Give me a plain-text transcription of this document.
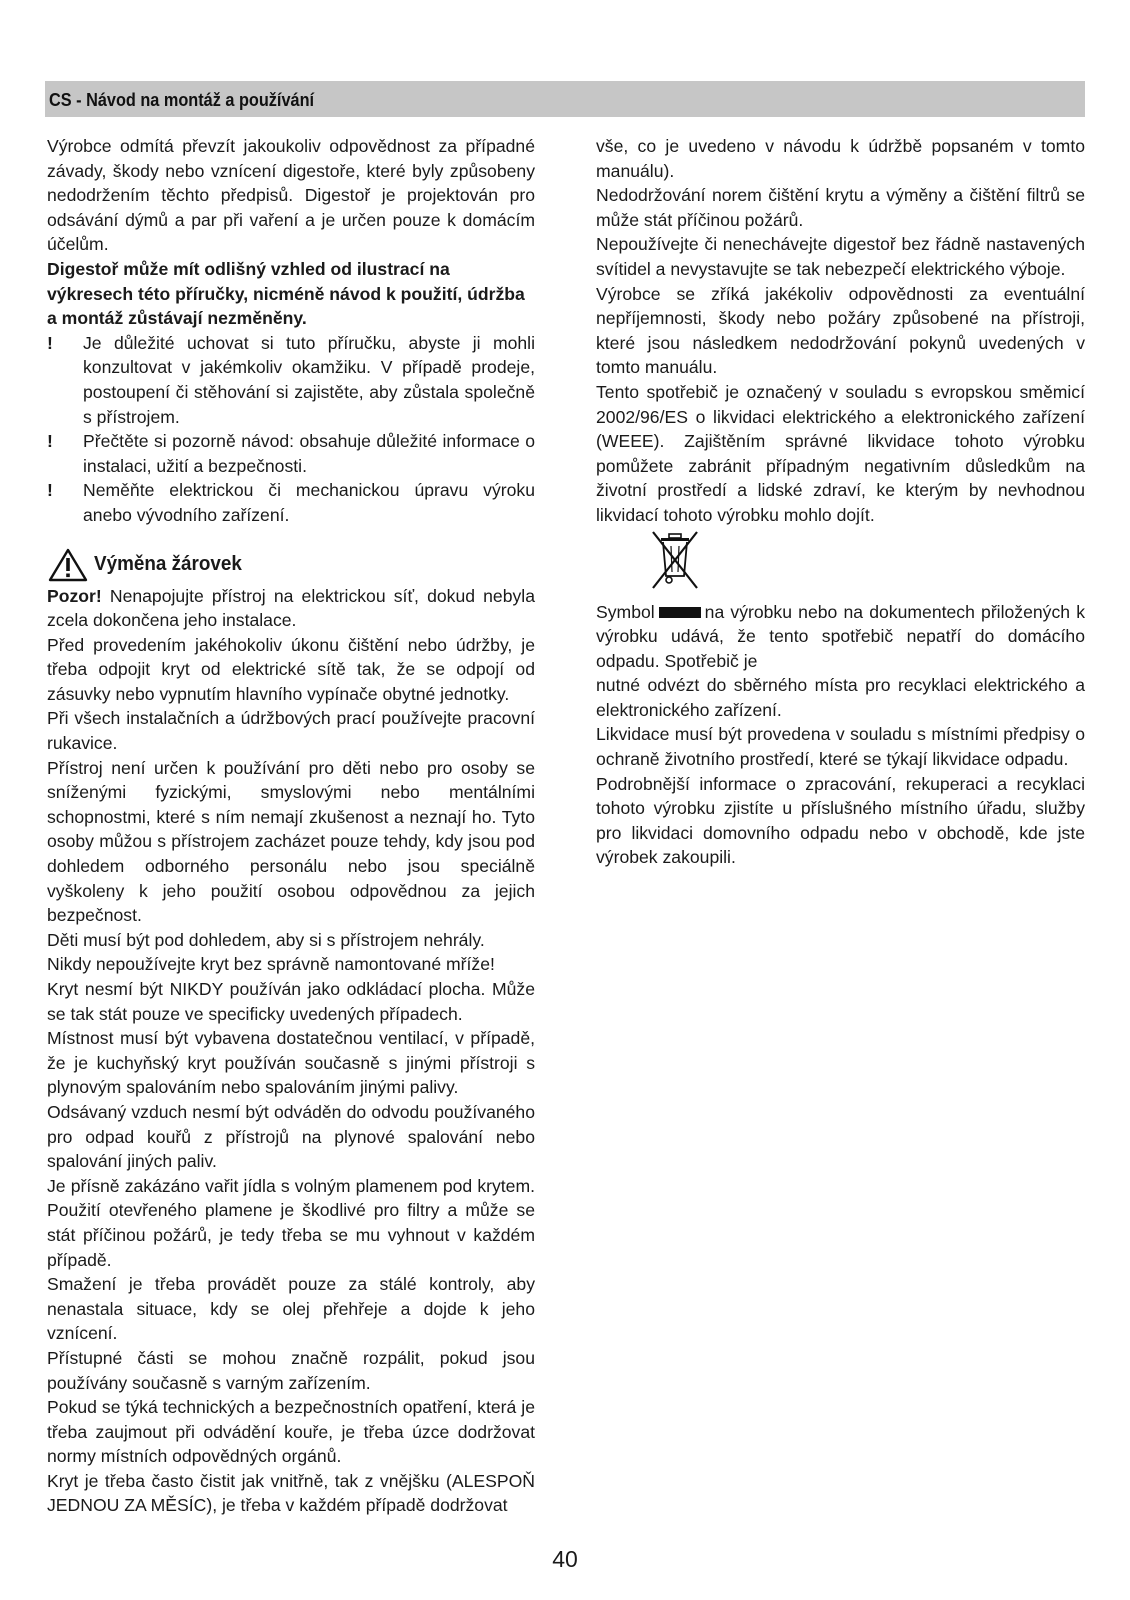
CS - Návod na montáž a používání

Výrobce odmítá převzít jakoukoliv odpovědnost za případné závady, škody nebo vznícení digestoře, které byly způsobeny nedodržením těchto předpisů. Digestoř je projektován pro odsávání dýmů a par při vaření a je určen pouze k domácím účelům.

Digestoř může mít odlišný vzhled od ilustrací na výkresech této příručky, nicméně návod k použití, údržba a montáž zůstávají nezměněny.

!	Je důležité uchovat si tuto příručku, abyste ji mohli konzultovat v jakémkoliv okamžiku. V případě prodeje, postoupení či stěhování si zajistěte, aby zůstala společně s přístrojem.
!	Přečtěte si pozorně návod: obsahuje důležité informace o instalaci, užití a bezpečnosti.
!	Neměňte elektrickou či mechanickou úpravu výroku anebo vývodního zařízení.
Výměna žárovek

Pozor! Nenapojujte přístroj na elektrickou síť, dokud nebyla zcela dokončena jeho instalace.

Před provedením jakéhokoliv úkonu čištění nebo údržby, je třeba odpojit kryt od elektrické sítě tak, že se odpojí od zásuvky nebo vypnutím hlavního vypínače obytné jednotky.

Při všech instalačních a údržbových prací používejte pracovní rukavice.

Přístroj není určen k používání pro děti nebo pro osoby se sníženými fyzickými, smyslovými nebo mentálními schopnostmi, které s ním nemají zkušenost a neznají ho. Tyto osoby můžou s přístrojem zacházet pouze tehdy, kdy jsou pod dohledem odborného personálu nebo jsou speciálně vyškoleny k jeho použití osobou odpovědnou za jejich bezpečnost.

Děti musí být pod dohledem, aby si s přístrojem nehrály.

Nikdy nepoužívejte kryt bez správně namontované mříže!

Kryt nesmí být NIKDY používán jako odkládací plocha. Může se tak stát pouze ve specificky uvedených případech.

Místnost musí být vybavena dostatečnou ventilací, v případě, že je kuchyňský kryt používán současně s jinými přístroji s plynovým spalováním nebo spalováním jinými palivy.

Odsávaný vzduch nesmí být odváděn do odvodu používaného pro odpad kouřů z přístrojů na plynové spalování nebo spalování jiných paliv.

Je přísně zakázáno vařit jídla s volným plamenem pod krytem. Použití otevřeného plamene je škodlivé pro filtry a může se stát příčinou požárů, je tedy třeba se mu vyhnout v každém případě.

Smažení je třeba provádět pouze za stálé kontroly, aby nenastala situace, kdy se olej přehřeje a dojde k jeho vznícení.

Přístupné části se mohou značně rozpálit, pokud jsou používány současně s varným zařízením.

Pokud se týká technických a bezpečnostních opatření, která je třeba zaujmout při odvádění kouře, je třeba úzce dodržovat normy místních odpovědných orgánů.

Kryt je třeba často čistit jak vnitřně, tak z vnějšku (ALESPOŇ JEDNOU ZA MĚSÍC), je třeba v každém případě dodržovat

vše, co je uvedeno v návodu k údržbě popsaném v tomto manuálu).

Nedodržování norem čištění krytu a výměny a čištění filtrů se může stát příčinou požárů.

Nepoužívejte či nenechávejte digestoř bez řádně nastavených svítidel a nevystavujte se tak nebezpečí elektrického výboje.

Výrobce se zříká jakékoliv odpovědnosti za eventuální nepříjemnosti, škody nebo požáry způsobené na přístroji, které jsou následkem nedodržování pokynů uvedených v tomto manuálu.

Tento spotřebič je označený v souladu s evropskou směmicí 2002/96/ES o likvidaci elektrického a elektronického zařízení (WEEE). Zajištěním správné likvidace tohoto výrobku pomůžete zabránit případným negativním důsledkům na životní prostředí a lidské zdraví, ke kterým by nevhodnou likvidací tohoto výrobku mohlo dojít.

Symbol	na výrobku nebo na dokumentech přiložených k výrobku udává, že tento spotřebič nepatří do domácího odpadu. Spotřebič je

nutné odvézt do sběrného místa pro recyklaci elektrického a elektronického zařízení.

Likvidace musí být provedena v souladu s místními předpisy o ochraně životního prostředí, které se týkají likvidace odpadu.

Podrobnější informace o zpracování, rekuperaci a recyklaci tohoto výrobku zjistíte u příslušného místního úřadu, služby pro likvidaci domovního odpadu nebo v obchodě, kde jste výrobek zakoupili.

40
